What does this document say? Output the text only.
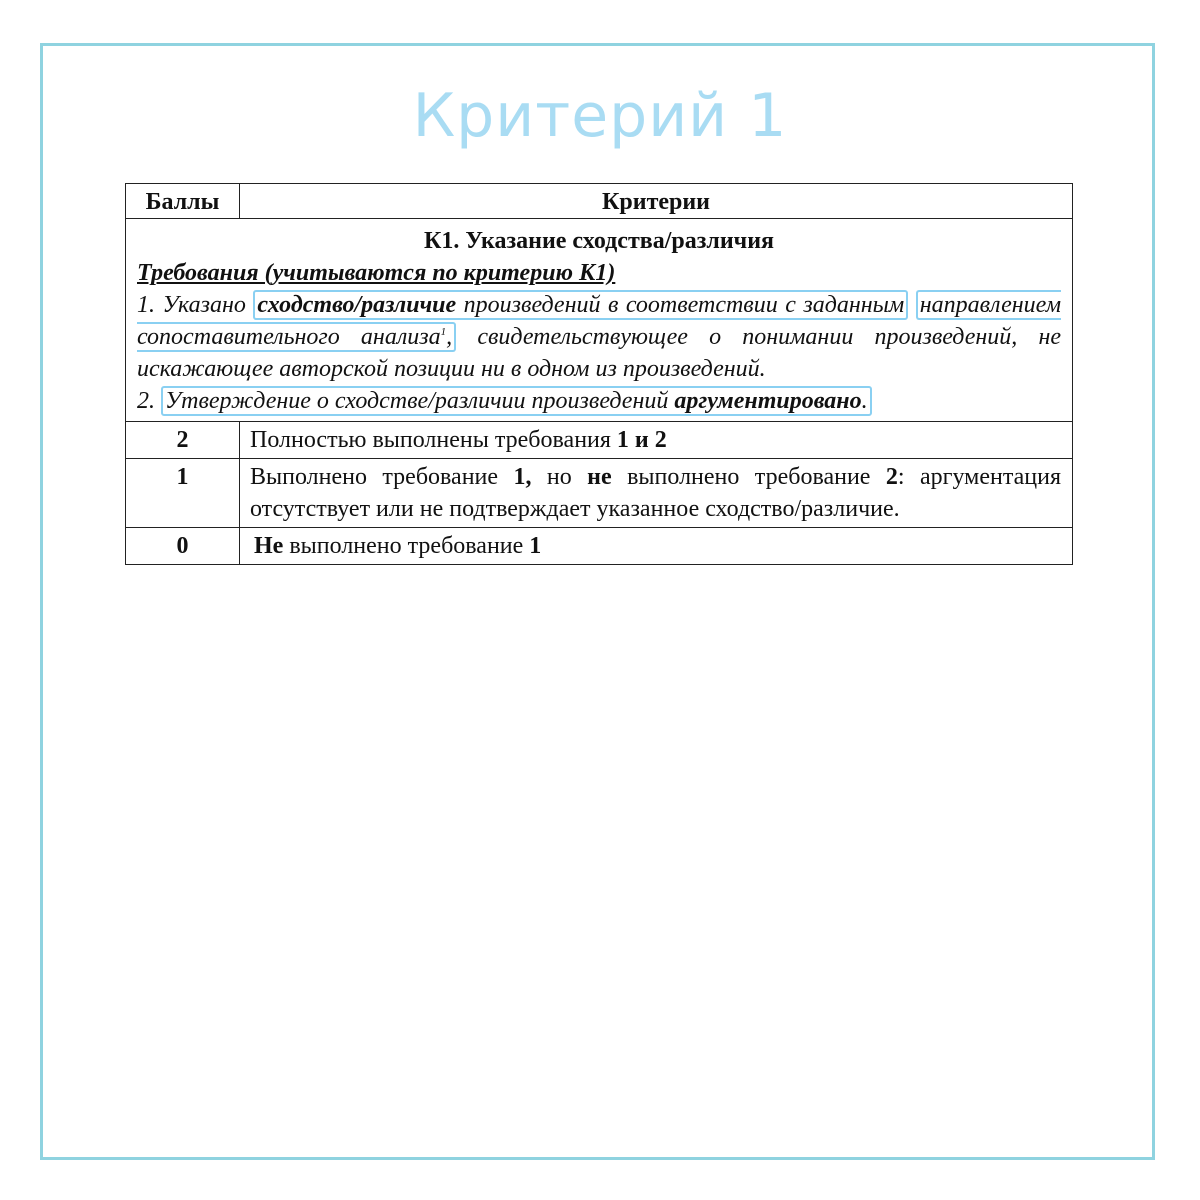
Критерий 1
Баллы	Критерии

К1. Указание сходства/различия
Требования (учитываются по критерию К1)
1. Указано сходство/различие произведений в соответствии с заданным направлением сопоставительного анализа$^1$, свидетельствующее о понимании произведений, не искажающее авторской позиции ни в одном из произведений.
2. Утверждение о сходстве/различии произведений аргументировано.	

2	Полностью выполнены требования 1 и 2
1	Выполнено требование 1, но не выполнено требование 2: аргументация отсутствует или не подтверждает указанное сходство/различие.
0	Не выполнено требование 1
